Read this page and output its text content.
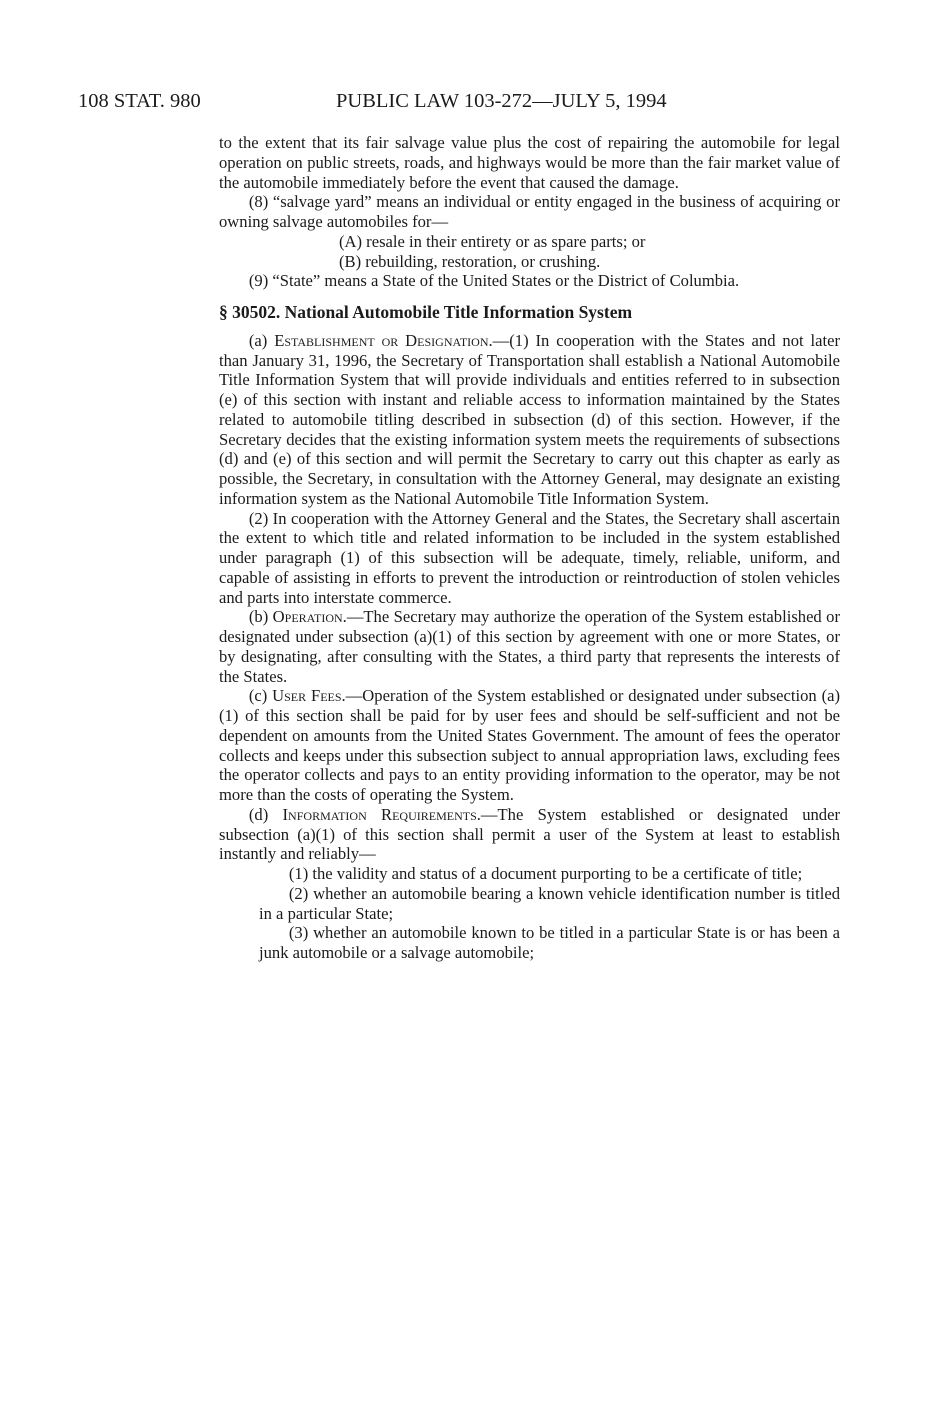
108 STAT. 980	PUBLIC LAW 103-272—JULY 5, 1994

to the extent that its fair salvage value plus the cost of repairing the automobile for legal operation on public streets, roads, and highways would be more than the fair market value of the automobile immediately before the event that caused the damage.

(8) “salvage yard” means an individual or entity engaged in the business of acquiring or owning salvage automobiles for—

(A) resale in their entirety or as spare parts; or

(B) rebuilding, restoration, or crushing.

(9) “State” means a State of the United States or the District of Columbia.

§ 30502. National Automobile Title Information System

(a) Establishment or Designation.—(1) In cooperation with the States and not later than January 31, 1996, the Secretary of Transportation shall establish a National Automobile Title Information System that will provide individuals and entities referred to in subsection (e) of this section with instant and reliable access to information maintained by the States related to automobile titling described in subsection (d) of this section. However, if the Secretary decides that the existing information system meets the requirements of subsections (d) and (e) of this section and will permit the Secretary to carry out this chapter as early as possible, the Secretary, in consultation with the Attorney General, may designate an existing information system as the National Automobile Title Information System.

(2) In cooperation with the Attorney General and the States, the Secretary shall ascertain the extent to which title and related information to be included in the system established under paragraph (1) of this subsection will be adequate, timely, reliable, uniform, and capable of assisting in efforts to prevent the introduction or reintroduction of stolen vehicles and parts into interstate commerce.

(b) Operation.—The Secretary may authorize the operation of the System established or designated under subsection (a)(1) of this section by agreement with one or more States, or by designating, after consulting with the States, a third party that represents the interests of the States.

(c) User Fees.—Operation of the System established or designated under subsection (a)(1) of this section shall be paid for by user fees and should be self-sufficient and not be dependent on amounts from the United States Government. The amount of fees the operator collects and keeps under this subsection subject to annual appropriation laws, excluding fees the operator collects and pays to an entity providing information to the operator, may be not more than the costs of operating the System.

(d) Information Requirements.—The System established or designated under subsection (a)(1) of this section shall permit a user of the System at least to establish instantly and reliably—

(1) the validity and status of a document purporting to be a certificate of title;

(2) whether an automobile bearing a known vehicle identification number is titled in a particular State;

(3) whether an automobile known to be titled in a particular State is or has been a junk automobile or a salvage automobile;
